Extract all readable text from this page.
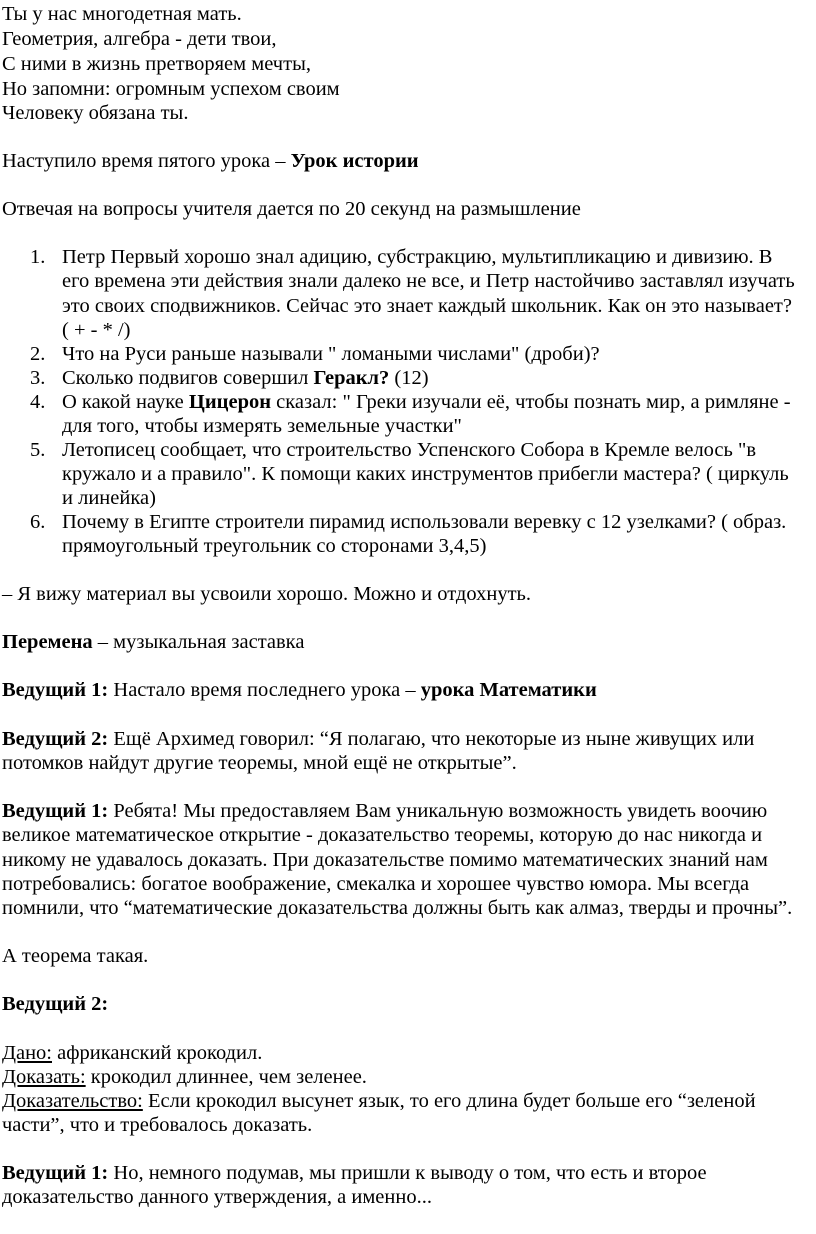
Ты у нас многодетная мать.
Геометрия, алгебра - дети твои,
С ними в жизнь претворяем мечты,
Но запомни: огромным успехом своим
Человеку обязана ты.
Наступило время пятого урока – Урок истории
Отвечая на вопросы учителя дается по 20 секунд на размышление
1. Петр Первый хорошо знал адицию, субстракцию, мультипликацию и дивизию. В
его времена эти действия знали далеко не все, и Петр настойчиво заставлял изучать
это своих сподвижников. Сейчас это знает каждый школьник. Как он это называет?
( + - * /)
2. Что на Руси раньше называли " ломаными числами" (дроби)?
3. Сколько подвигов совершил Геракл? (12)
4. О какой науке Цицерон сказал: " Греки изучали её, чтобы познать мир, а римляне -
для того, чтобы измерять земельные участки"
5. Летописец сообщает, что строительство Успенского Собора в Кремле велось "в
кружало и а правило". К помощи каких инструментов прибегли мастера? ( циркуль
и линейка)
6. Почему в Египте строители пирамид использовали веревку с 12 узелками? ( образ.
прямоугольный треугольник со сторонами 3,4,5)
– Я вижу материал вы усвоили хорошо. Можно и отдохнуть.
Перемена – музыкальная заставка
Ведущий 1: Настало время последнего урока – урока Математики
Ведущий 2: Ещё Архимед говорил: “Я полагаю, что некоторые из ныне живущих или
потомков найдут другие теоремы, мной ещё не открытые”.
Ведущий 1: Ребята! Мы предоставляем Вам уникальную возможность увидеть воочию
великое математическое открытие - доказательство теоремы, которую до нас никогда и
никому не удавалось доказать. При доказательстве помимо математических знаний нам
потребовались: богатое воображение, смекалка и хорошее чувство юмора. Мы всегда
помнили, что “математические доказательства должны быть как алмаз, тверды и прочны”.
А теорема такая.
Ведущий 2:
Дано: африканский крокодил.
Доказать: крокодил длиннее, чем зеленее.
Доказательство: Если крокодил высунет язык, то его длина будет больше его “зеленой
части”, что и требовалось доказать.
Ведущий 1: Но, немного подумав, мы пришли к выводу о том, что есть и второе
доказательство данного утверждения, а именно...
